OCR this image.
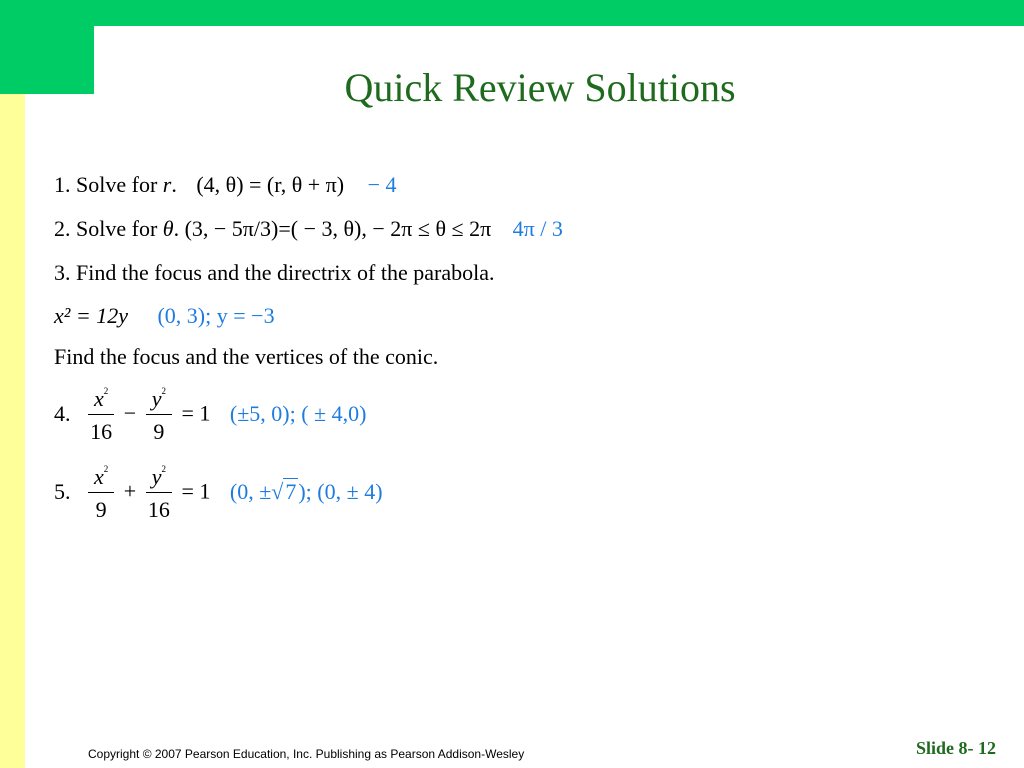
Quick Review Solutions
1. Solve for r. (4, θ) = (r, θ + π) − 4
2. Solve for θ. (3, − 5π/3)=( − 3, θ), − 2π ≤ θ ≤ 2π 4π / 3
3. Find the focus and the directrix of the parabola.
x² = 12y (0, 3); y = −3
Find the focus and the vertices of the conic.
4. $\frac{x^2}{16} - \frac{y^2}{9} = 1$ (±5, 0); ( ± 4,0)
5. $\frac{x^2}{9} + \frac{y^2}{16} = 1$ (0, ±√7); (0, ± 4)
Copyright © 2007 Pearson Education, Inc. Publishing as Pearson Addison-Wesley	Slide 8- 12
